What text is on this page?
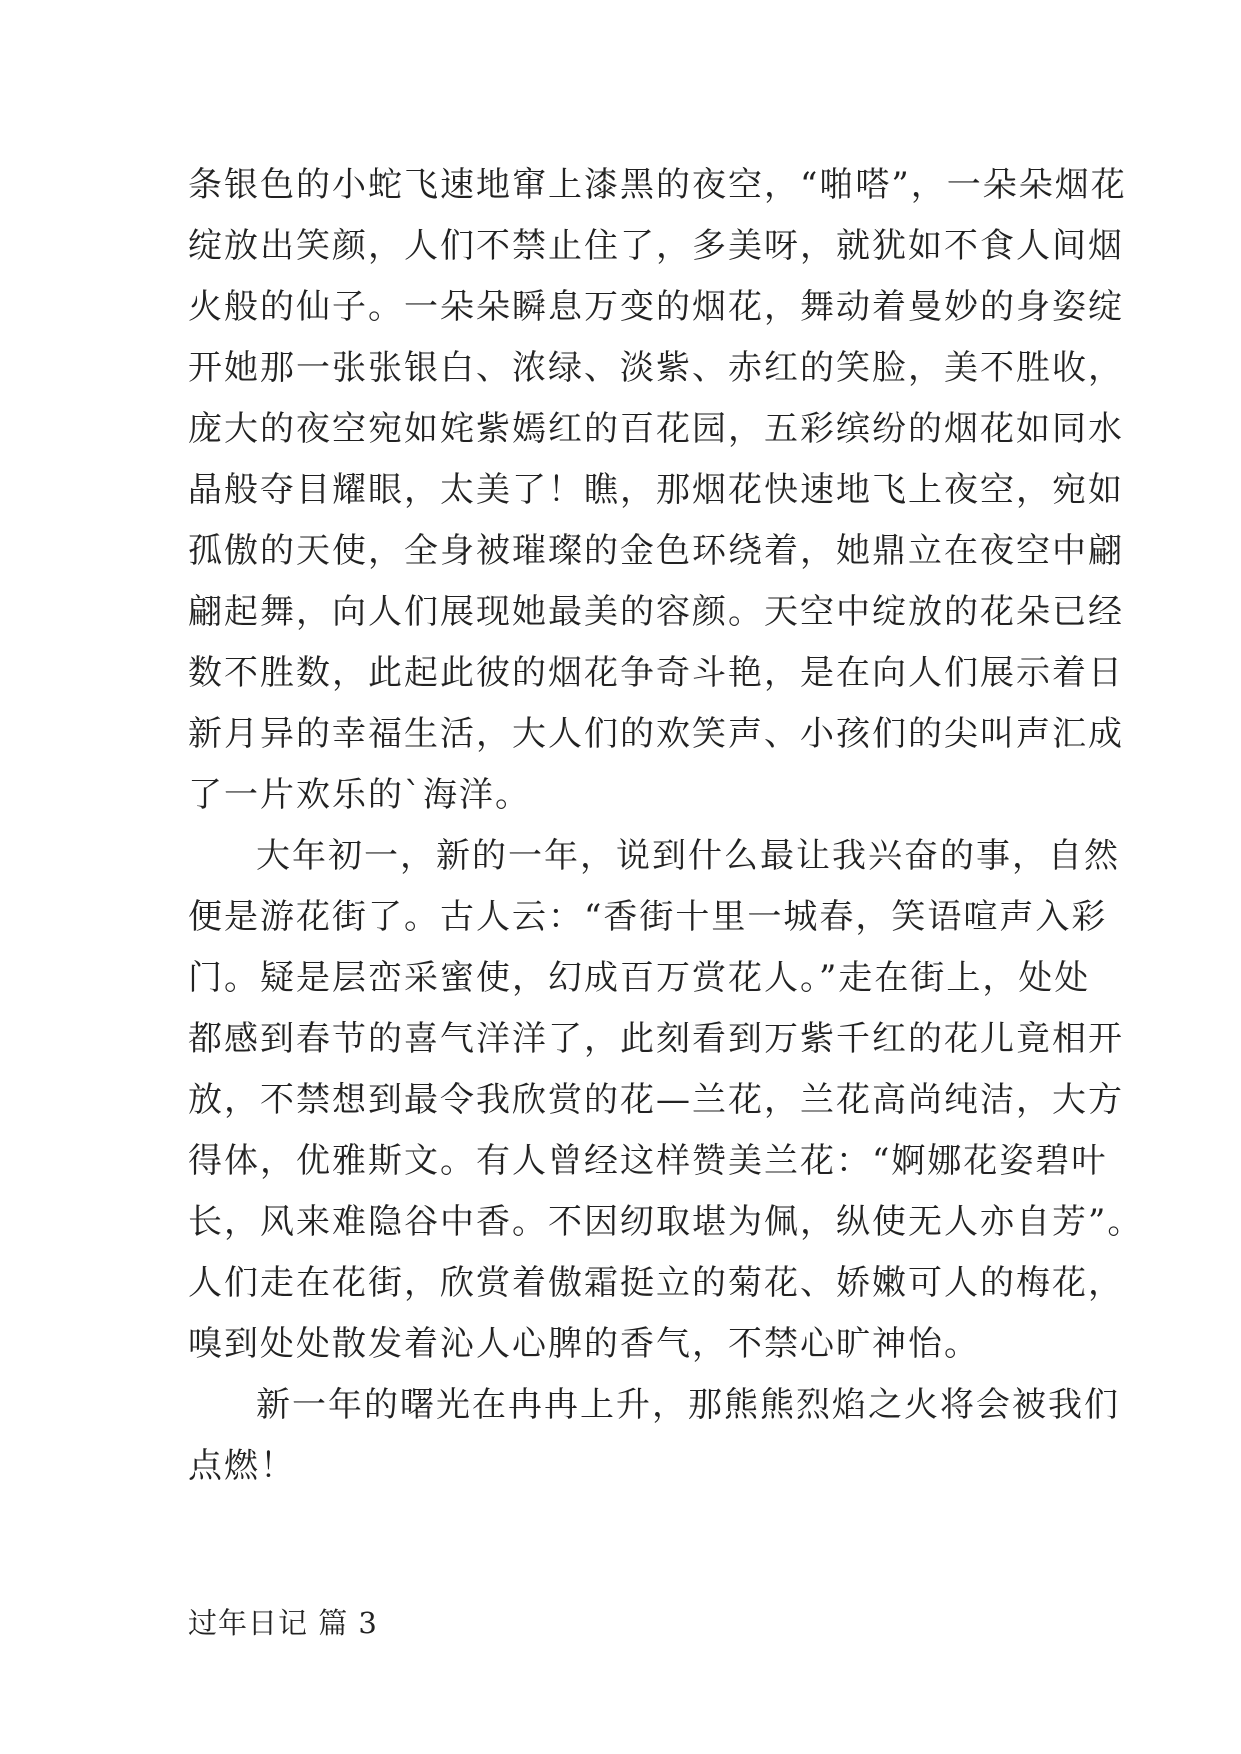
条银色的小蛇飞速地窜上漆黑的夜空，“啪嗒”，一朵朵烟花
绽放出笑颜，人们不禁止住了，多美呀，就犹如不食人间烟
火般的仙子。一朵朵瞬息万变的烟花，舞动着曼妙的身姿绽
开她那一张张银白、浓绿、淡紫、赤红的笑脸，美不胜收，
庞大的夜空宛如姹紫嫣红的百花园，五彩缤纷的烟花如同水
晶般夺目耀眼，太美了！瞧，那烟花快速地飞上夜空，宛如
孤傲的天使，全身被璀璨的金色环绕着，她鼎立在夜空中翩
翩起舞，向人们展现她最美的容颜。天空中绽放的花朵已经
数不胜数，此起此彼的烟花争奇斗艳，是在向人们展示着日
新月异的幸福生活，大人们的欢笑声、小孩们的尖叫声汇成
了一片欢乐的`海洋。
大年初一，新的一年，说到什么最让我兴奋的事，自然
便是游花街了。古人云：“香街十里一城春，笑语喧声入彩
门。疑是层峦采蜜使，幻成百万赏花人。”走在街上，处处
都感到春节的喜气洋洋了，此刻看到万紫千红的花儿竟相开
放，不禁想到最令我欣赏的花—兰花，兰花高尚纯洁，大方
得体，优雅斯文。有人曾经这样赞美兰花：“婀娜花姿碧叶
长，风来难隐谷中香。不因纫取堪为佩，纵使无人亦自芳”。
人们走在花街，欣赏着傲霜挺立的菊花、娇嫩可人的梅花，
嗅到处处散发着沁人心脾的香气，不禁心旷神怡。
新一年的曙光在冉冉上升，那熊熊烈焰之火将会被我们
点燃！
过年日记 篇 3
